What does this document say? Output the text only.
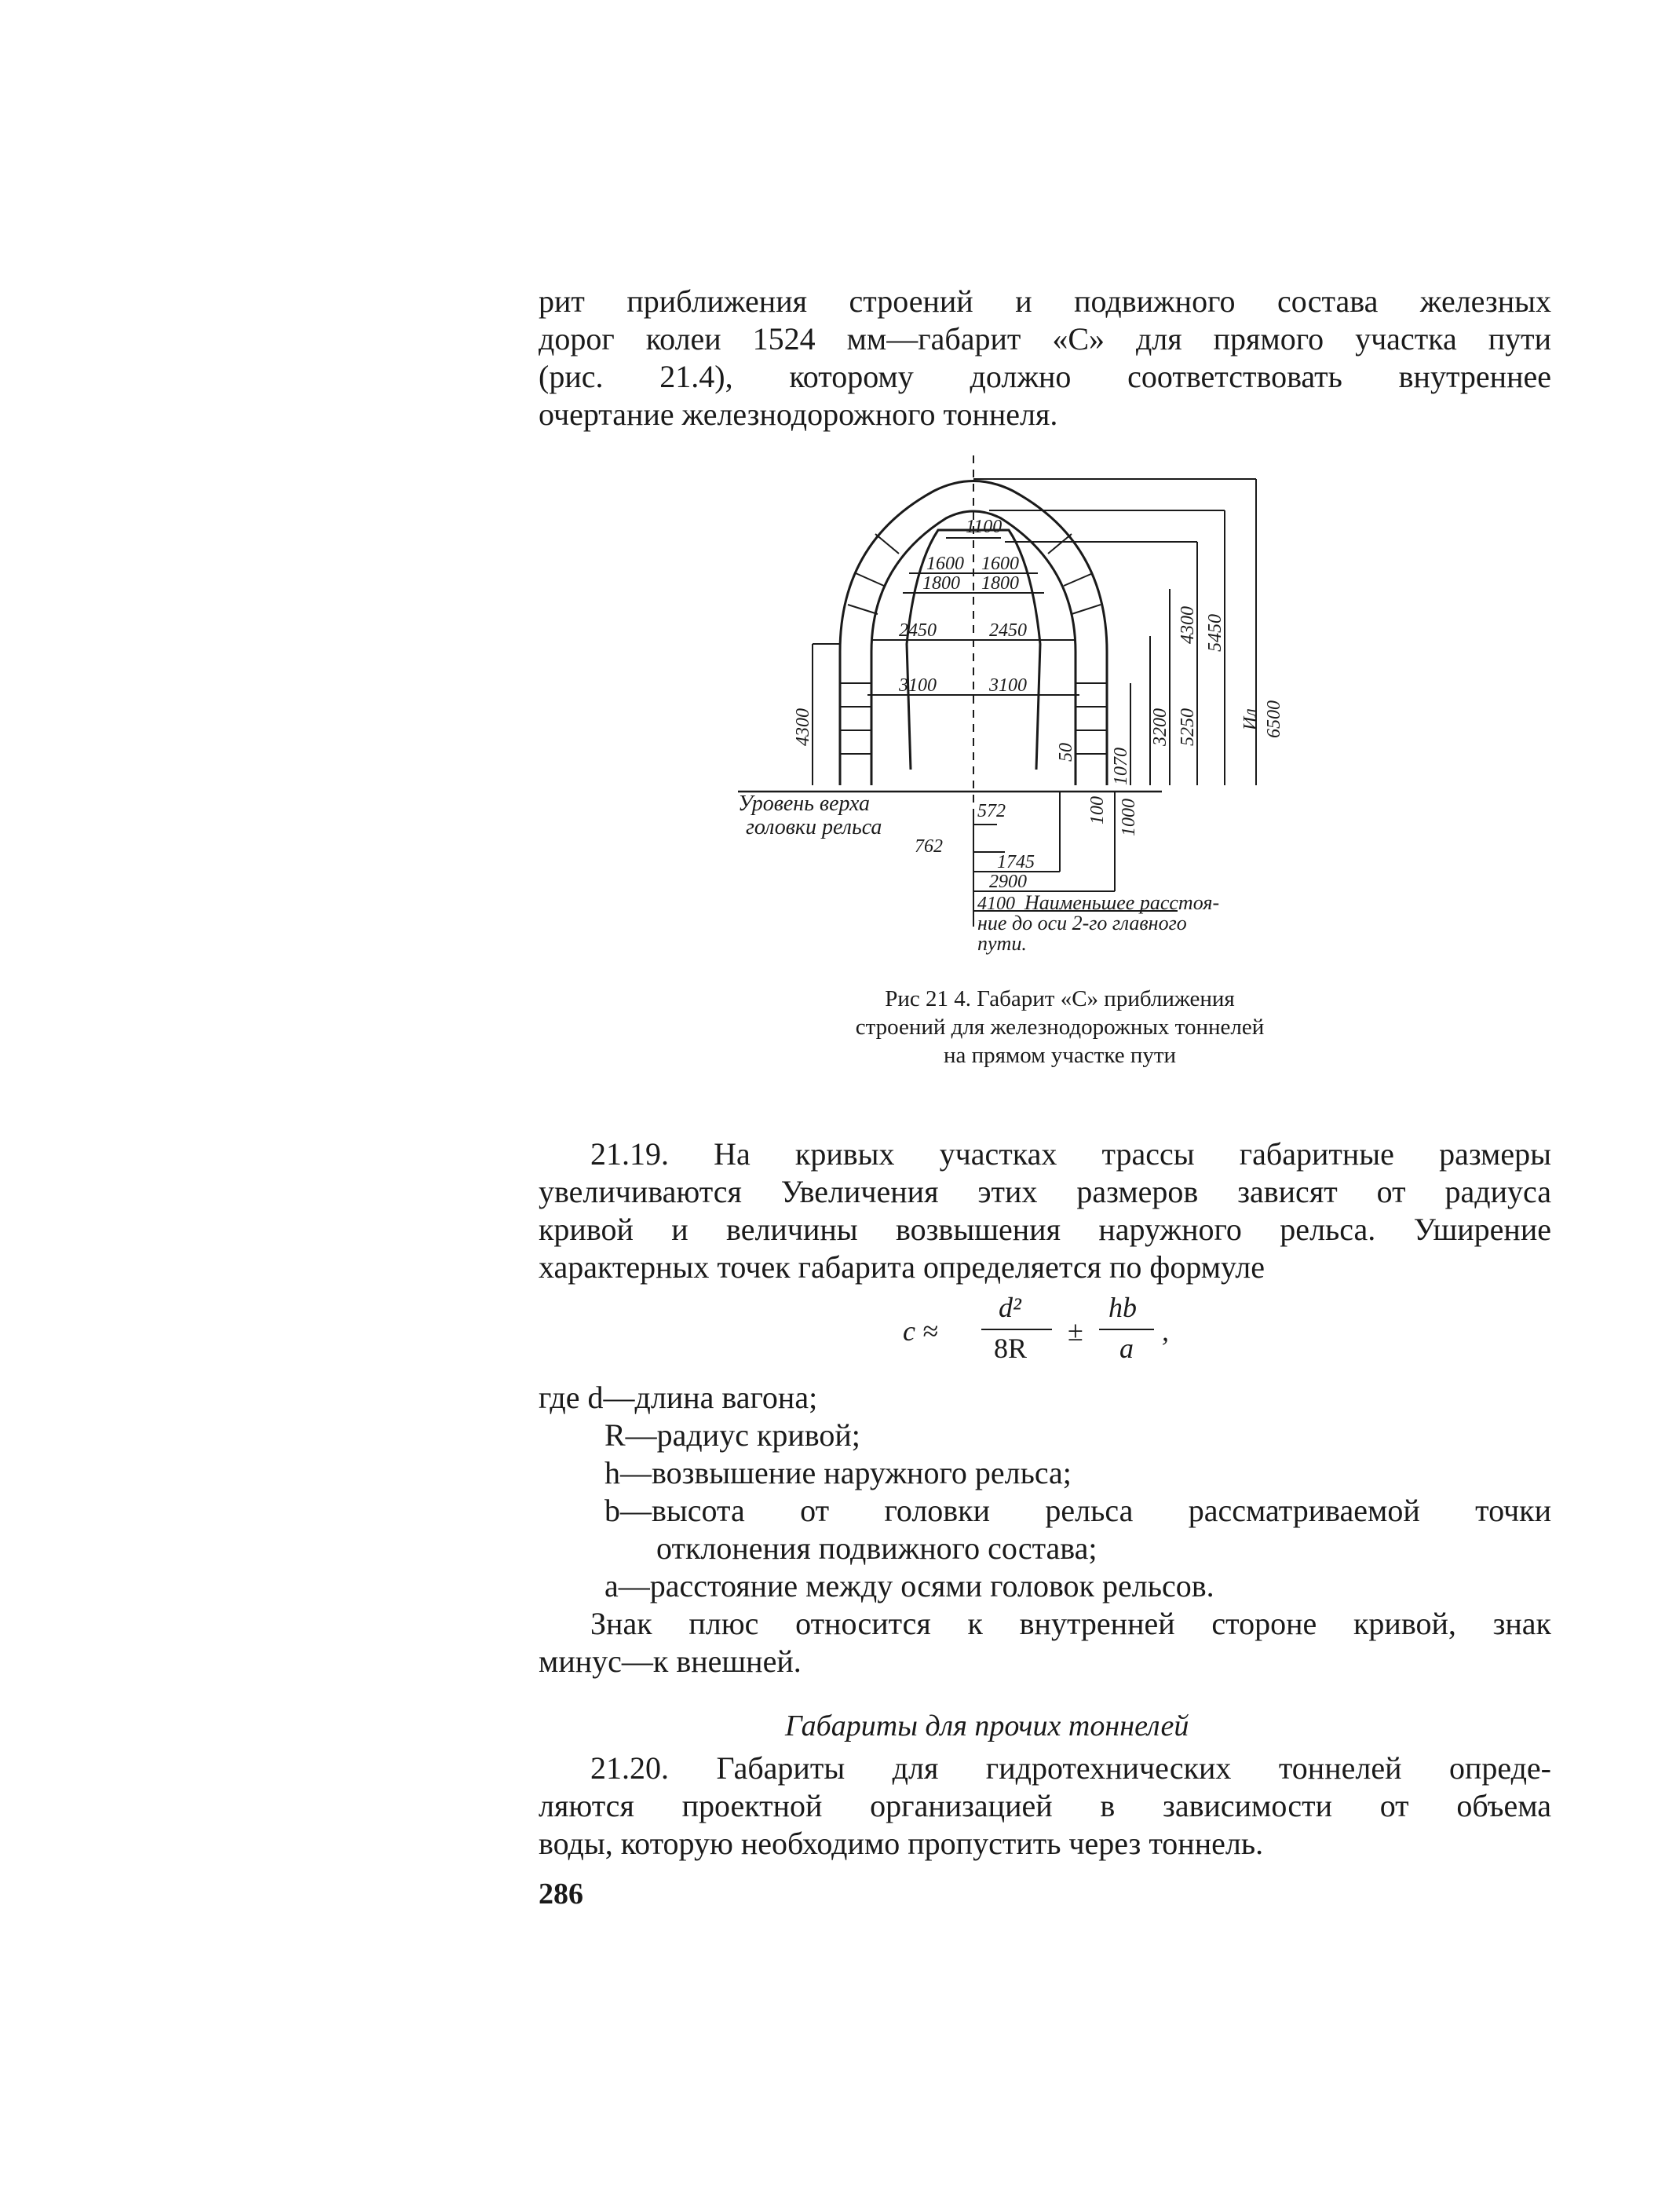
рит приближения строений и подвижного состава железных
дорог колеи 1524 мм—габарит «С» для прямого участка пути
(рис. 21.4), которому должно соответствовать внутреннее
очертание железнодорожного тоннеля.
1100
1600 1600
1800 1800
2450	2450
3100	3100
4300
50 1070
3200
4300
5250
5450
6500
Ил
100 1000
572
762
1745
2900
4100
Уровень верха
головки рельса
Наименьшее расстоя-
ние до оси 2-го главного
пути.
Рис 21 4. Габарит «С» приближения
строений для железнодорожных тоннелей
на прямом участке пути
21.19. На кривых участках трассы габаритные размеры
увеличиваются Увеличения этих размеров зависят от радиуса
кривой и величины возвышения наружного рельса. Уширение
характерных точек габарита определяется по формуле
c ≈
d²
8R
±
hb
a
,
где d—длина вагона;
R—радиус кривой;
h—возвышение наружного рельса;
b—высота от головки рельса рассматриваемой точки
отклонения подвижного состава;
a—расстояние между осями головок рельсов.
Знак плюс относится к внутренней стороне кривой, знак
минус—к внешней.
Габариты для прочих тоннелей
21.20. Габариты для гидротехнических тоннелей опреде-
ляются проектной организацией в зависимости от объема
воды, которую необходимо пропустить через тоннель.
286
